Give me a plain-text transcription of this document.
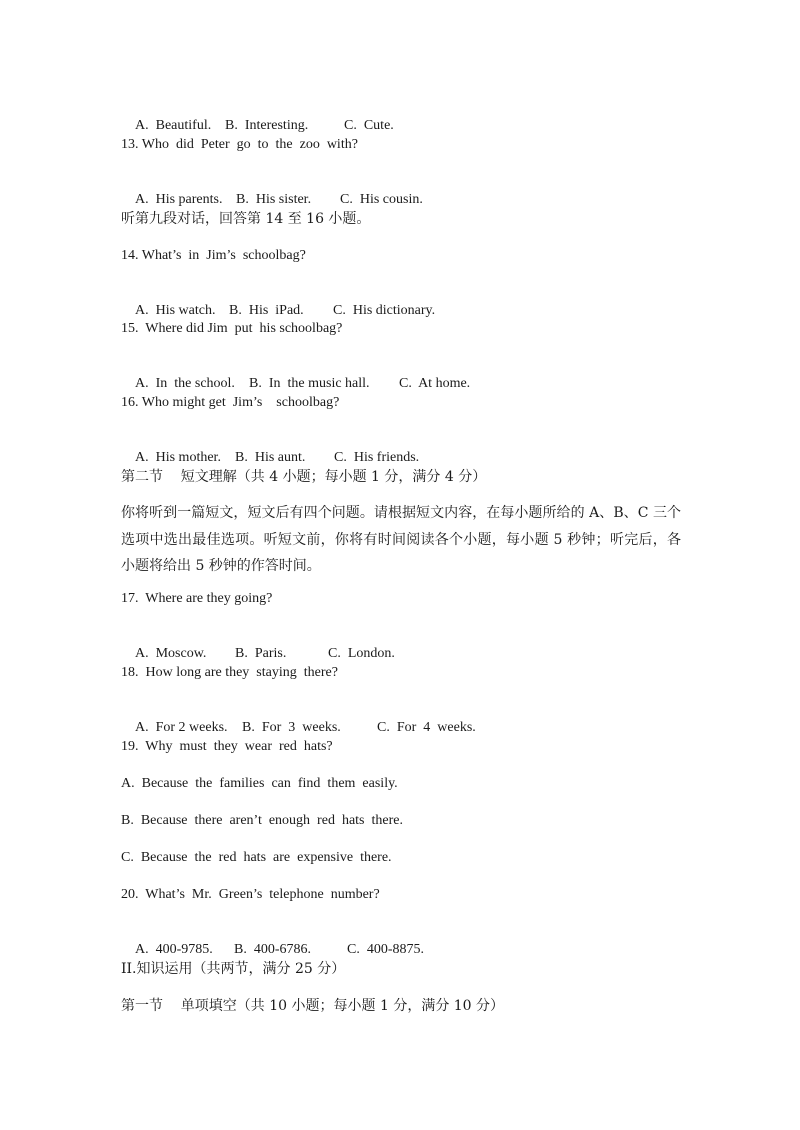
A.  Beautiful. B.  Interesting.	C.  Cute.

13. Who  did  Peter  go  to  the  zoo  with?

A.  His parents. B.  His sister. C.  His cousin.

听第九段对话，回答第 14 至 16 小题。
14. What’s  in  Jim’s  schoolbag?

A.  His watch. B.  His  iPad. C.  His dictionary.

15.  Where did Jim  put  his schoolbag?

A.  In  the school. B.  In  the music hall. C.  At home.

16. Who might get  Jim’s    schoolbag?

A.  His mother. B.  His aunt. C.  His friends.

第二节    短文理解（共 4 小题；每小题 1 分，满分 4 分）
你将听到一篇短文，短文后有四个问题。请根据短文内容，在每小题所给的 A、B、C 三个选项中选出最佳选项。听短文前，你将有时间阅读各个小题，每小题 5 秒钟；听完后，各小题将给出 5 秒钟的作答时间。
17.  Where are they going?

A.  Moscow. B.  Paris.	C.  London.

18.  How long are they  staying  there?

A.  For 2 weeks. B.  For  3  weeks.	C.  For  4  weeks.

19.  Why  must  they  wear  red  hats?
A.  Because  the  families  can  find  them  easily.
B.  Because  there  aren’t  enough  red  hats  there.
C.  Because  the  red  hats  are  expensive  there.
20.  What’s  Mr.  Green’s  telephone  number?

A.  400-9785. B.  400-6786.	C.  400-8875.

II.知识运用（共两节，满分 25 分）
第一节    单项填空（共 10 小题；每小题 1 分，满分 10 分）
